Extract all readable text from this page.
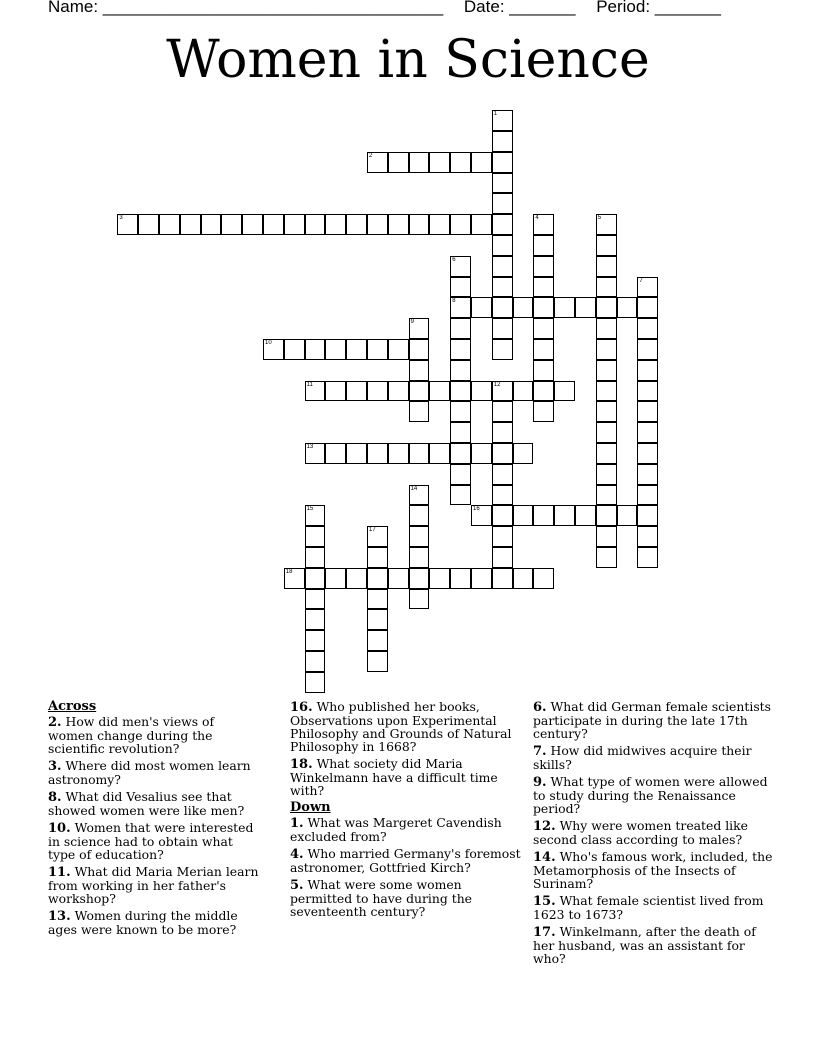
Name: ____________________________________ Date: _______ Period: _______
Women in Science
1
2
3	4	5
6
8
7
9
10
11	12
13
14
15	16
17
18
Across
2. How did men's views of women change during the scientific revolution?
3. Where did most women learn astronomy?
8. What did Vesalius see that showed women were like men?
10. Women that were interested in science had to obtain what type of education?
11. What did Maria Merian learn from working in her father's workshop?
13. Women during the middle ages were known to be more?
16. Who published her books, Observations upon Experimental Philosophy and Grounds of Natural Philosophy in 1668?
18. What society did Maria Winkelmann have a difficult time with?
Down
1. What was Margeret Cavendish excluded from?
4. Who married Germany's foremost astronomer, Gottfried Kirch?
5. What were some women permitted to have during the seventeenth century?
6. What did German female scientists participate in during the late 17th century?
7. How did midwives acquire their skills?
9. What type of women were allowed to study during the Renaissance period?
12. Why were women treated like second class according to males?
14. Who's famous work, included, the Metamorphosis of the Insects of Surinam?
15. What female scientist lived from 1623 to 1673?
17. Winkelmann, after the death of her husband, was an assistant for who?
